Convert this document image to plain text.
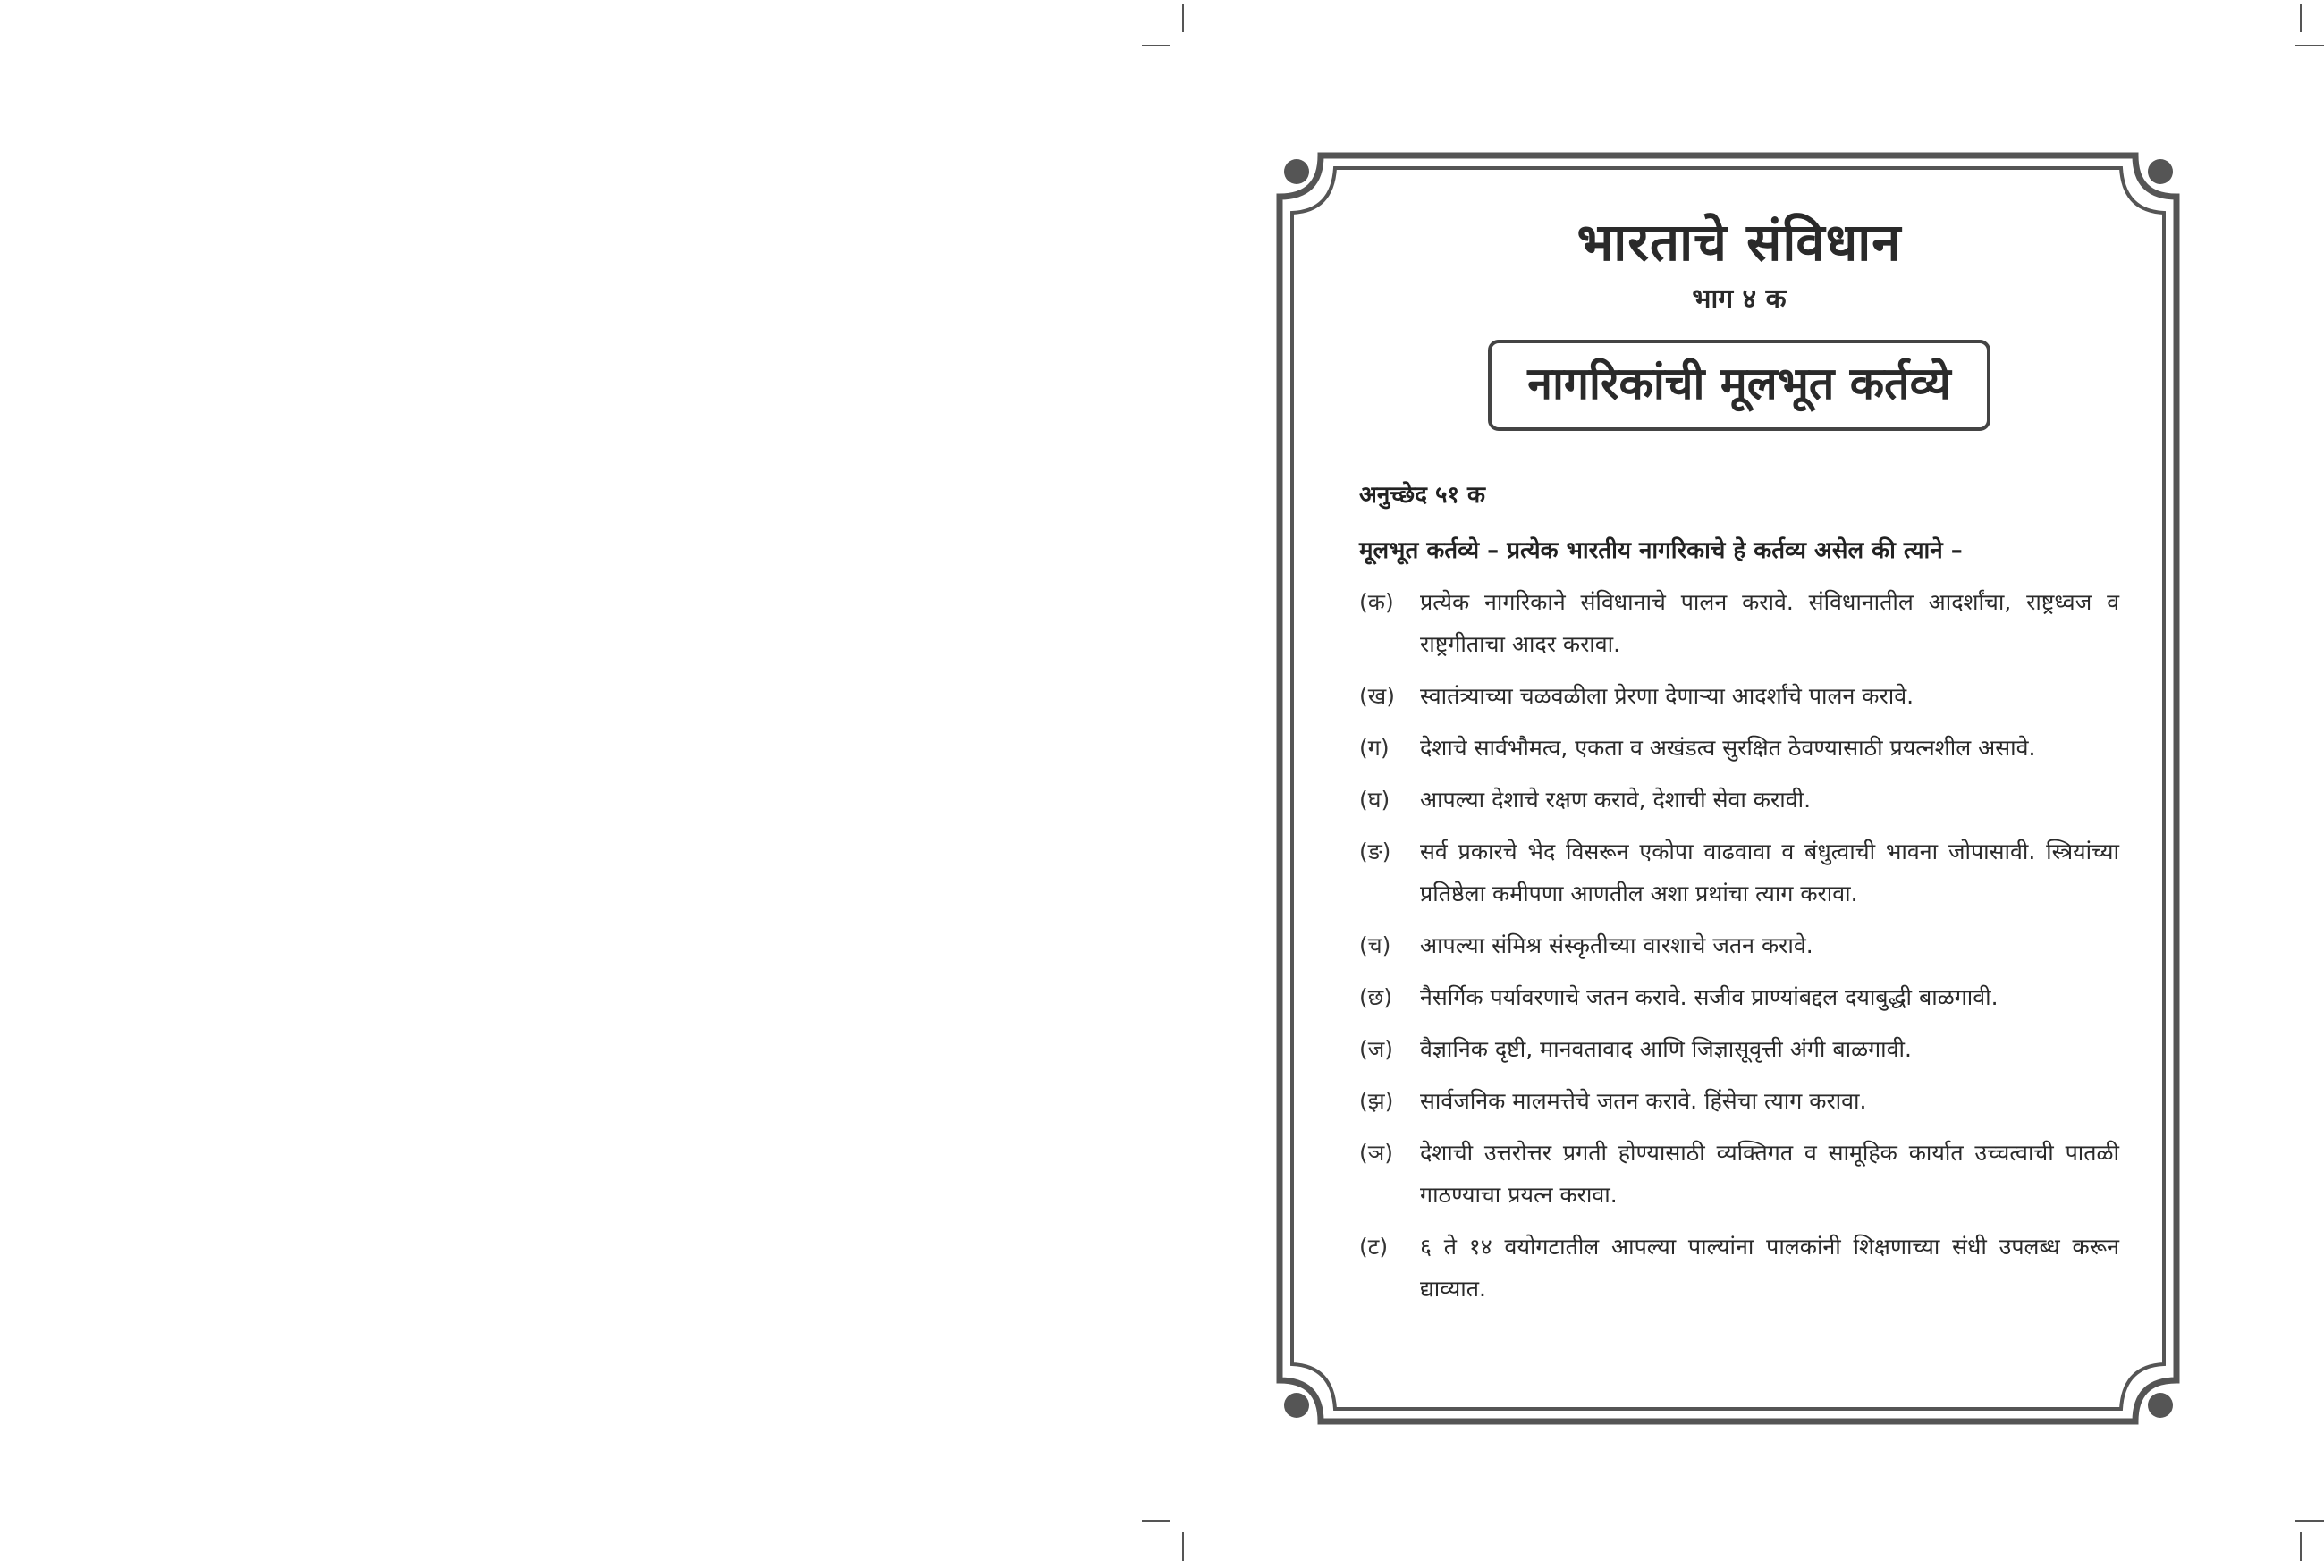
भारताचे संविधान
भाग ४ क
नागरिकांची मूलभूत कर्तव्ये
अनुच्छेद ५१ क
मूलभूत कर्तव्ये – प्रत्येक भारतीय नागरिकाचे हे कर्तव्य असेल की त्याने –
(क)	प्रत्येक नागरिकाने संविधानाचे पालन करावे. संविधानातील आदर्शांचा, राष्ट्रध्वज व राष्ट्रगीताचा आदर करावा.
(ख)	स्वातंत्र्याच्या चळवळीला प्रेरणा देणाऱ्या आदर्शांचे पालन करावे.
(ग)	देशाचे सार्वभौमत्व, एकता व अखंडत्व सुरक्षित ठेवण्यासाठी प्रयत्नशील असावे.
(घ)	आपल्या देशाचे रक्षण करावे, देशाची सेवा करावी.
(ङ)	सर्व प्रकारचे भेद विसरून एकोपा वाढवावा व बंधुत्वाची भावना जोपासावी. स्त्रियांच्या प्रतिष्ठेला कमीपणा आणतील अशा प्रथांचा त्याग करावा.
(च)	आपल्या संमिश्र संस्कृतीच्या वारशाचे जतन करावे.
(छ)	नैसर्गिक पर्यावरणाचे जतन करावे. सजीव प्राण्यांबद्दल दयाबुद्धी बाळगावी.
(ज)	वैज्ञानिक दृष्टी, मानवतावाद आणि जिज्ञासूवृत्ती अंगी बाळगावी.
(झ)	सार्वजनिक मालमत्तेचे जतन करावे. हिंसेचा त्याग करावा.
(ञ)	देशाची उत्तरोत्तर प्रगती होण्यासाठी व्यक्तिगत व सामूहिक कार्यात उच्चत्वाची पातळी गाठण्याचा प्रयत्न करावा.
(ट)	६ ते १४ वयोगटातील आपल्या पाल्यांना पालकांनी शिक्षणाच्या संधी उपलब्ध करून द्याव्यात.
